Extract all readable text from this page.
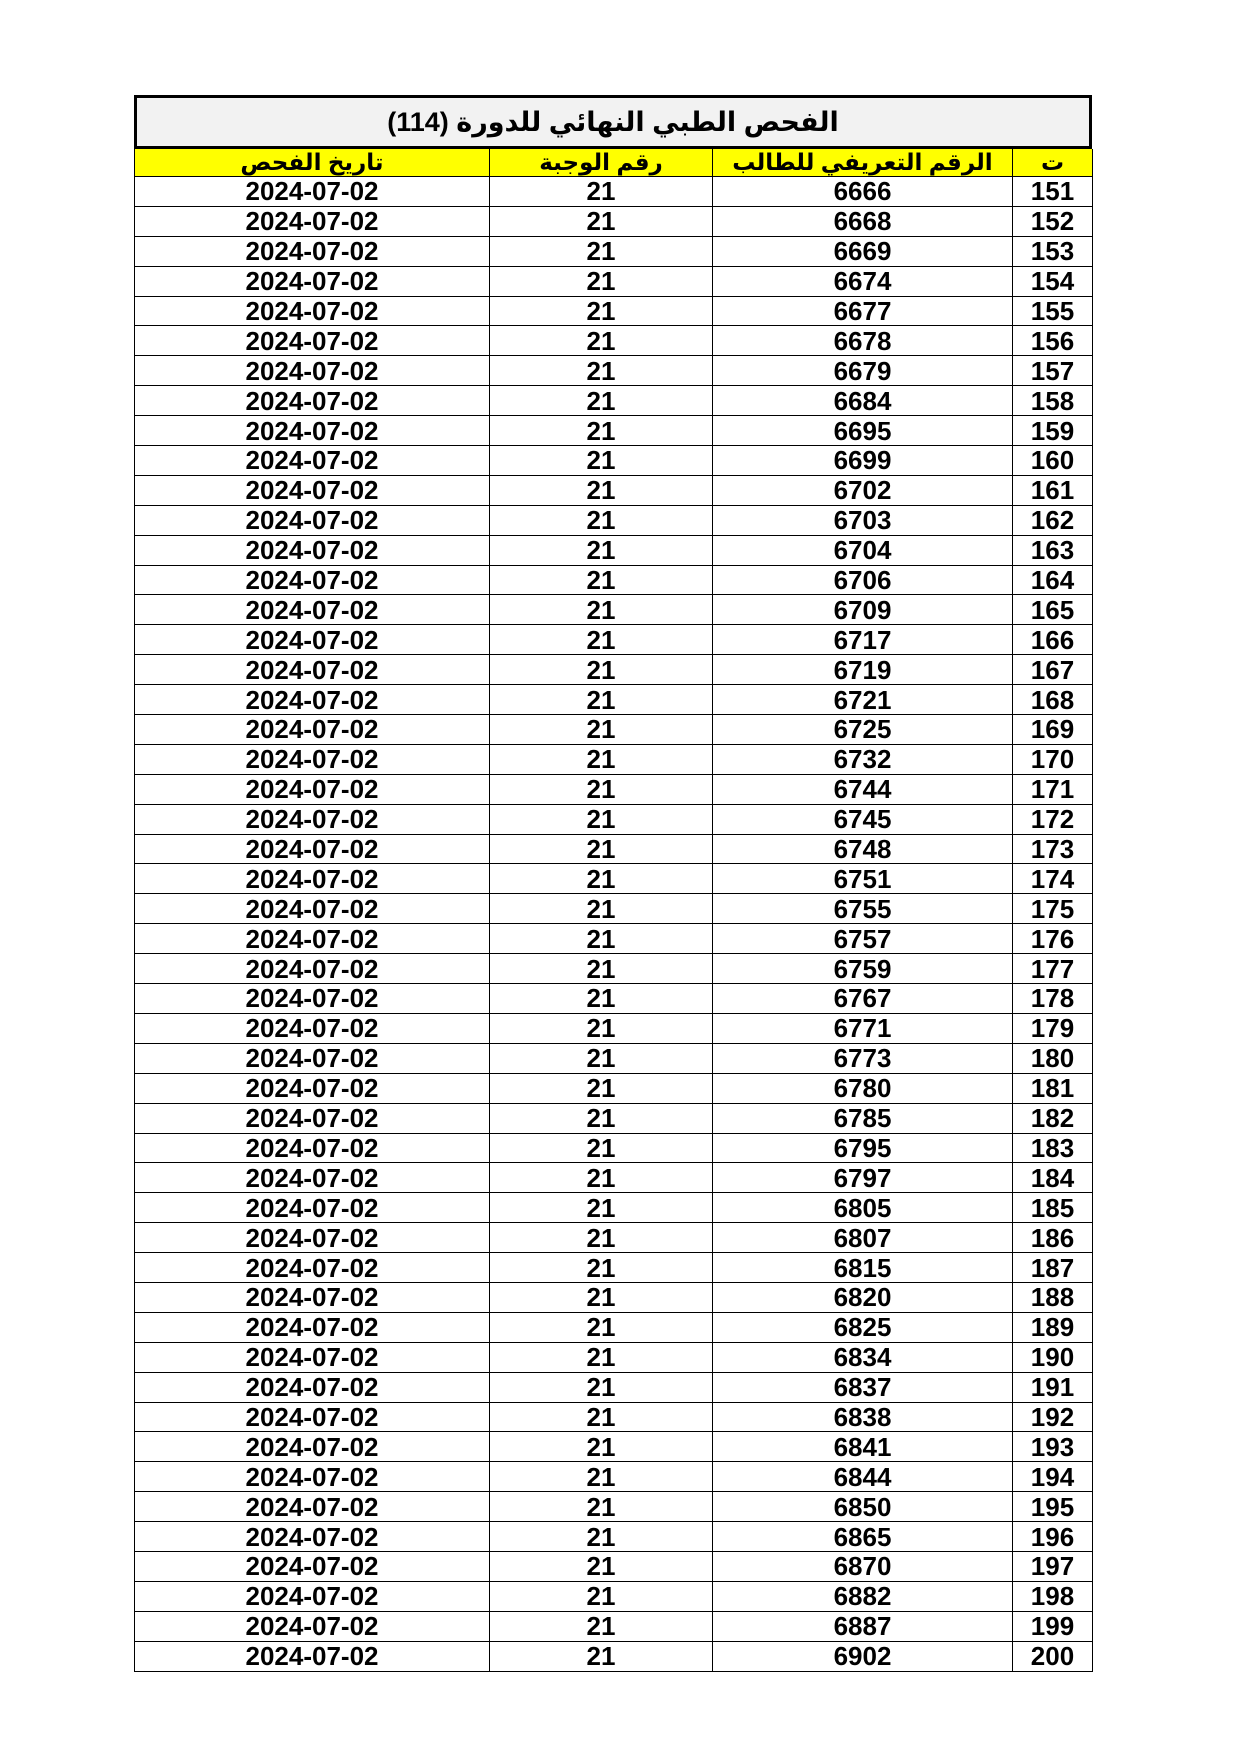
الفحص الطبي النهائي للدورة (114)
ت	الرقم التعريفي للطالب	رقم الوجبة	تاريخ الفحص
151	6666	21	2024-07-02
152	6668	21	2024-07-02
153	6669	21	2024-07-02
154	6674	21	2024-07-02
155	6677	21	2024-07-02
156	6678	21	2024-07-02
157	6679	21	2024-07-02
158	6684	21	2024-07-02
159	6695	21	2024-07-02
160	6699	21	2024-07-02
161	6702	21	2024-07-02
162	6703	21	2024-07-02
163	6704	21	2024-07-02
164	6706	21	2024-07-02
165	6709	21	2024-07-02
166	6717	21	2024-07-02
167	6719	21	2024-07-02
168	6721	21	2024-07-02
169	6725	21	2024-07-02
170	6732	21	2024-07-02
171	6744	21	2024-07-02
172	6745	21	2024-07-02
173	6748	21	2024-07-02
174	6751	21	2024-07-02
175	6755	21	2024-07-02
176	6757	21	2024-07-02
177	6759	21	2024-07-02
178	6767	21	2024-07-02
179	6771	21	2024-07-02
180	6773	21	2024-07-02
181	6780	21	2024-07-02
182	6785	21	2024-07-02
183	6795	21	2024-07-02
184	6797	21	2024-07-02
185	6805	21	2024-07-02
186	6807	21	2024-07-02
187	6815	21	2024-07-02
188	6820	21	2024-07-02
189	6825	21	2024-07-02
190	6834	21	2024-07-02
191	6837	21	2024-07-02
192	6838	21	2024-07-02
193	6841	21	2024-07-02
194	6844	21	2024-07-02
195	6850	21	2024-07-02
196	6865	21	2024-07-02
197	6870	21	2024-07-02
198	6882	21	2024-07-02
199	6887	21	2024-07-02
200	6902	21	2024-07-02
